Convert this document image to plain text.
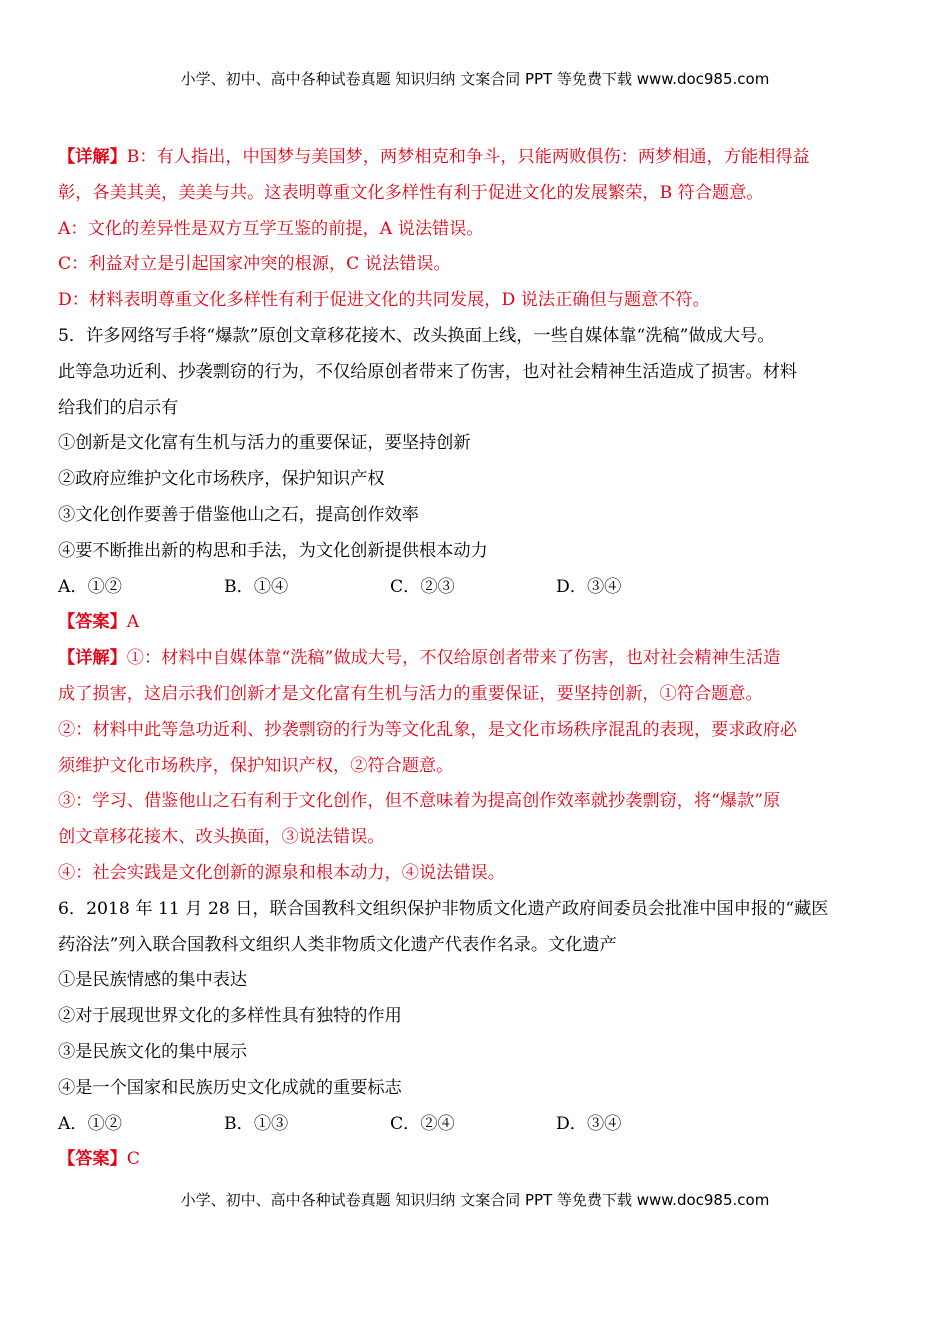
小学、初中、高中各种试卷真题 知识归纳 文案合同 PPT 等免费下载 www.doc985.com
【详解】B：有人指出，中国梦与美国梦，两梦相克和争斗，只能两败俱伤：两梦相通，方能相得益
彰，各美其美，美美与共。这表明尊重文化多样性有利于促进文化的发展繁荣，B 符合题意。
A：文化的差异性是双方互学互鉴的前提，A 说法错误。
C：利益对立是引起国家冲突的根源，C 说法错误。
D：材料表明尊重文化多样性有利于促进文化的共同发展，D 说法正确但与题意不符。
5．许多网络写手将“爆款”原创文章移花接木、改头换面上线，一些自媒体靠“洗稿”做成大号。
此等急功近利、抄袭剽窃的行为，不仅给原创者带来了伤害，也对社会精神生活造成了损害。材料
给我们的启示有
①创新是文化富有生机与活力的重要保证，要坚持创新
②政府应维护文化市场秩序，保护知识产权
③文化创作要善于借鉴他山之石，提高创作效率
④要不断推出新的构思和手法，为文化创新提供根本动力
A．①②	B．①④	C．②③	D．③④
【答案】A
【详解】①：材料中自媒体靠“洗稿”做成大号，不仅给原创者带来了伤害，也对社会精神生活造
成了损害，这启示我们创新才是文化富有生机与活力的重要保证，要坚持创新，①符合题意。
②：材料中此等急功近利、抄袭剽窃的行为等文化乱象，是文化市场秩序混乱的表现，要求政府必
须维护文化市场秩序，保护知识产权，②符合题意。
③：学习、借鉴他山之石有利于文化创作，但不意味着为提高创作效率就抄袭剽窃，将“爆款”原
创文章移花接木、改头换面，③说法错误。
④：社会实践是文化创新的源泉和根本动力，④说法错误。
6．2018 年 11 月 28 日，联合国教科文组织保护非物质文化遗产政府间委员会批准中国申报的“藏医
药浴法”列入联合国教科文组织人类非物质文化遗产代表作名录。文化遗产
①是民族情感的集中表达
②对于展现世界文化的多样性具有独特的作用
③是民族文化的集中展示
④是一个国家和民族历史文化成就的重要标志
A．①②	B．①③	C．②④	D．③④
【答案】C
小学、初中、高中各种试卷真题 知识归纳 文案合同 PPT 等免费下载 www.doc985.com
